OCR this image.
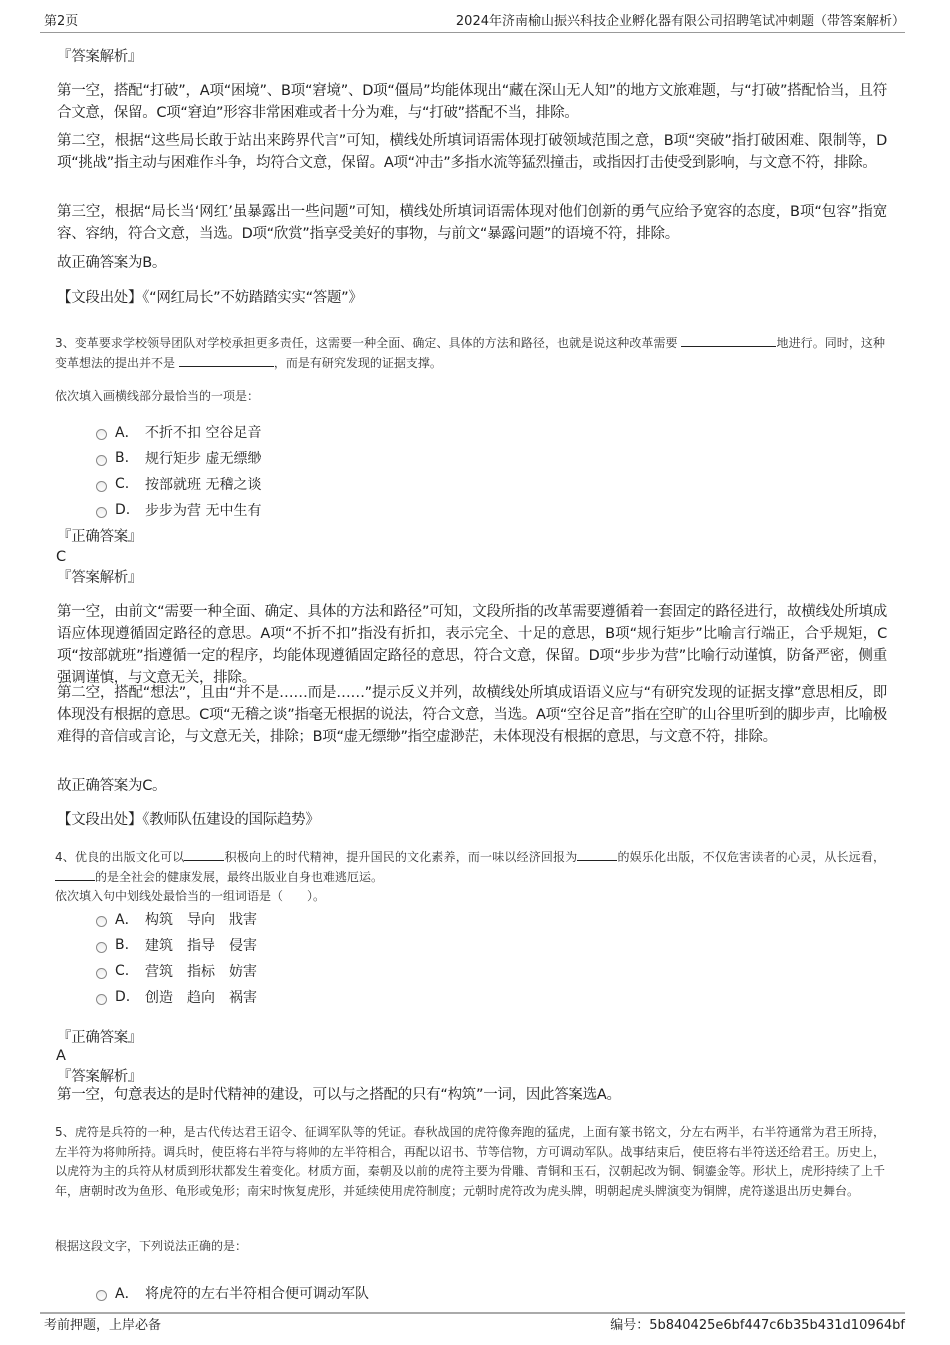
第2页	2024年济南榆山振兴科技企业孵化器有限公司招聘笔试冲刺题（带答案解析）
『答案解析』

第一空，搭配“打破”，A项“困境”、B项“窘境”、D项“僵局”均能体现出“藏在深山无人知”的地方文旅难题，与“打破”搭配恰当，且符合文意，保留。C项“窘迫”形容非常困难或者十分为难，与“打破”搭配不当，排除。

第二空，根据“这些局长敢于站出来跨界代言”可知，横线处所填词语需体现打破领域范围之意，B项“突破”指打破困难、限制等，D项“挑战”指主动与困难作斗争，均符合文意，保留。A项“冲击”多指水流等猛烈撞击，或指因打击使受到影响，与文意不符，排除。

第三空，根据“局长当‘网红’虽暴露出一些问题”可知，横线处所填词语需体现对他们创新的勇气应给予宽容的态度，B项“包容”指宽容、容纳，符合文意，当选。D项“欣赏”指享受美好的事物，与前文“暴露问题”的语境不符，排除。

故正确答案为B。

【文段出处】《“网红局长”不妨踏踏实实“答题”》

3、变革要求学校领导团队对学校承担更多责任，这需要一种全面、确定、具体的方法和路径，也就是说这种改革需要	地进行。同时，这种变革想法的提出并不是	，而是有研究发现的证据支撑。

依次填入画横线部分最恰当的一项是：

A． 不折不扣 空谷足音
B.	规行矩步 虚无缥缈
C.	按部就班 无稽之谈
D.	步步为营 无中生有
『正确答案』
C
『答案解析』

第一空，由前文“需要一种全面、确定、具体的方法和路径”可知，文段所指的改革需要遵循着一套固定的路径进行，故横线处所填成语应体现遵循固定路径的意思。A项“不折不扣”指没有折扣，表示完全、十足的意思，B项“规行矩步”比喻言行端正，合乎规矩，C项“按部就班”指遵循一定的程序，均能体现遵循固定路径的意思，符合文意，保留。D项“步步为营”比喻行动谨慎，防备严密，侧重强调谨慎，与文意无关，排除。

第二空，搭配“想法”，且由“并不是……而是……”提示反义并列，故横线处所填成语语义应与“有研究发现的证据支撑”意思相反，即体现没有根据的意思。C项“无稽之谈”指毫无根据的说法，符合文意，当选。A项“空谷足音”指在空旷的山谷里听到的脚步声，比喻极难得的音信或言论，与文意无关，排除；B项“虚无缥缈”指空虚渺茫，未体现没有根据的意思，与文意不符，排除。

故正确答案为C。

【文段出处】《教师队伍建设的国际趋势》

4、优良的出版文化可以	积极向上的时代精神，提升国民的文化素养，而一味以经济回报为	的娱乐化出版，不仅危害读者的心灵，从长远看，的是全社会的健康发展，最终出版业自身也难逃厄运。

依次填入句中划线处最恰当的一组词语是（　　）。

A． 构筑　导向　戕害
B.	建筑　指导　侵害
C.	营筑　指标　妨害
D.	创造　趋向　祸害
『正确答案』
A
『答案解析』

第一空，句意表达的是时代精神的建设，可以与之搭配的只有“构筑”一词，因此答案选A。

5、虎符是兵符的一种，是古代传达君王诏令、征调军队等的凭证。春秋战国的虎符像奔跑的猛虎，上面有篆书铭文，分左右两半，右半符通常为君王所持，左半符为将帅所持。调兵时，使臣将右半符与将帅的左半符相合，再配以诏书、节等信物，方可调动军队。战事结束后，使臣将右半符送还给君王。历史上，以虎符为主的兵符从材质到形状都发生着变化。材质方面，秦朝及以前的虎符主要为骨雕、青铜和玉石，汉朝起改为铜、铜鎏金等。形状上，虎形持续了上千年，唐朝时改为鱼形、龟形或兔形；南宋时恢复虎形，并延续使用虎符制度；元朝时虎符改为虎头牌，明朝起虎头牌演变为铜牌，虎符遂退出历史舞台。

根据这段文字，下列说法正确的是：

A． 将虎符的左右半符相合便可调动军队
考前押题，上岸必备	编号：5b840425e6bf447c6b35b431d10964bf
